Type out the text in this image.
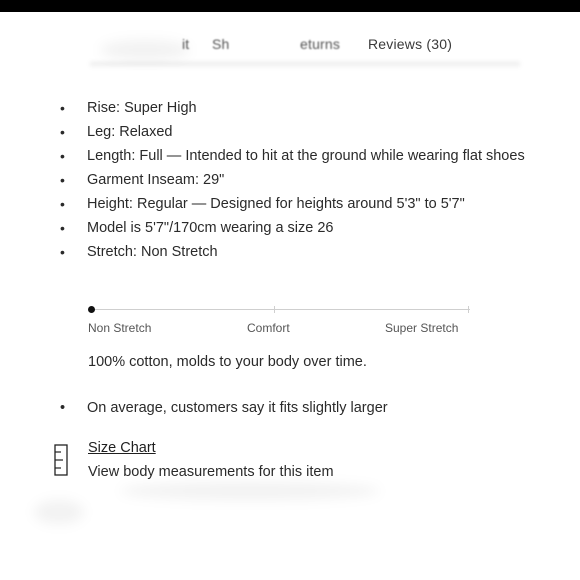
it Sh	eturns Reviews (30)
• Rise: Super High
• Leg: Relaxed
• Length: Full — Intended to hit at the ground while wearing flat shoes
• Garment Inseam: 29"
• Height: Regular — Designed for heights around 5'3" to 5'7"
• Model is 5'7"/170cm wearing a size 26
• Stretch: Non Stretch
Non Stretch	Comfort	Super Stretch
100% cotton, molds to your body over time.
• On average, customers say it fits slightly larger
Size Chart
View body measurements for this item
